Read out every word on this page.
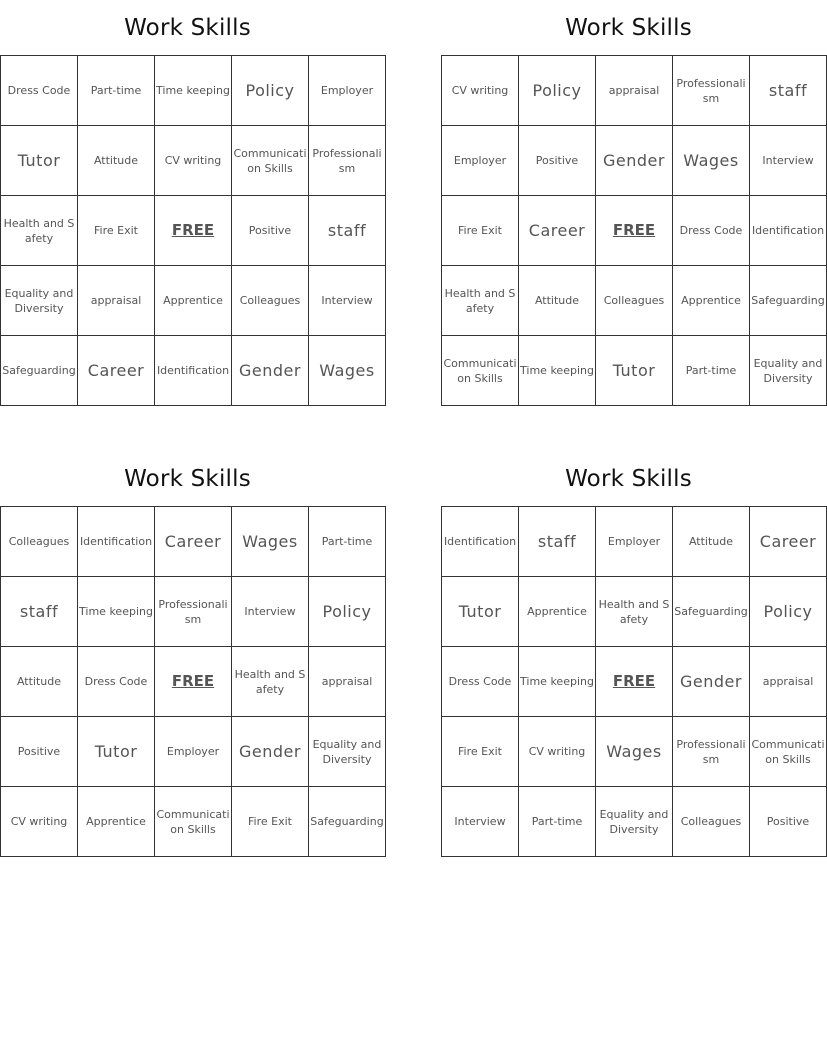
Work Skills
Dress Code	Part-time	Time keeping	Policy	Employer
Tutor	Attitude	CV writing	Communication Skills	Professionalism
Health and Safety	Fire Exit	FREE	Positive	staff
Equality and Diversity	appraisal	Apprentice	Colleagues	Interview
Safeguarding	Career	Identification	Gender	Wages
Work Skills
CV writing	Policy	appraisal	Professionalism	staff
Employer	Positive	Gender	Wages	Interview
Fire Exit	Career	FREE	Dress Code	Identification
Health and Safety	Attitude	Colleagues	Apprentice	Safeguarding
Communication Skills	Time keeping	Tutor	Part-time	Equality and Diversity
Work Skills
Colleagues	Identification	Career	Wages	Part-time
staff	Time keeping	Professionalism	Interview	Policy
Attitude	Dress Code	FREE	Health and Safety	appraisal
Positive	Tutor	Employer	Gender	Equality and Diversity
CV writing	Apprentice	Communication Skills	Fire Exit	Safeguarding
Work Skills
Identification	staff	Employer	Attitude	Career
Tutor	Apprentice	Health and Safety	Safeguarding	Policy
Dress Code	Time keeping	FREE	Gender	appraisal
Fire Exit	CV writing	Wages	Professionalism	Communication Skills
Interview	Part-time	Equality and Diversity	Colleagues	Positive
